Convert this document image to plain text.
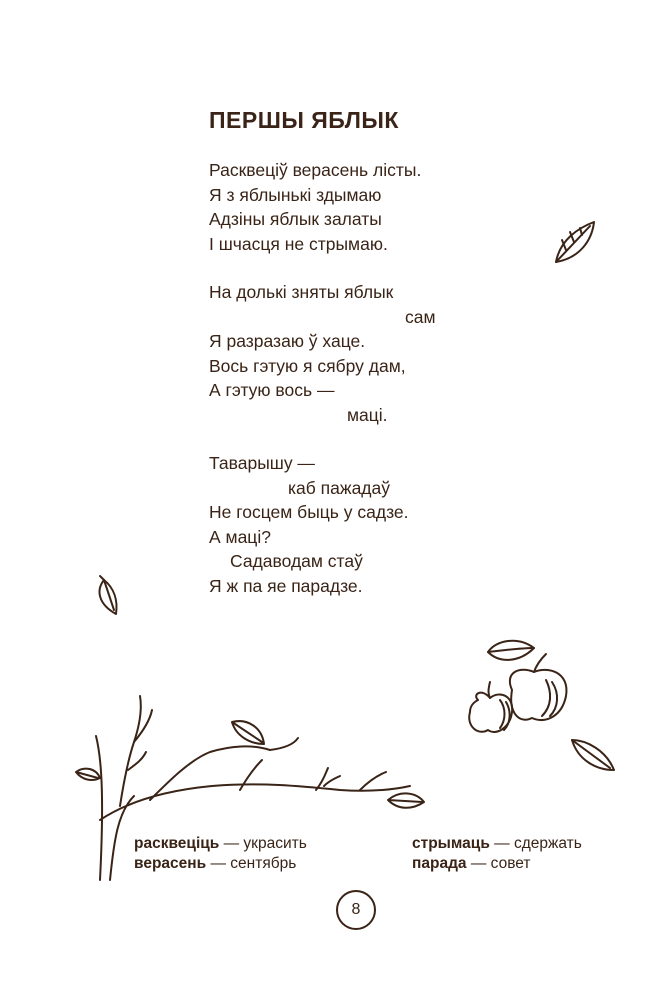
ПЕРШЫ ЯБЛЫК
Расквецiў верасень лiсты.
Я з яблынькi здымаю
Адзiны яблык залаты
I шчасця не стрымаю.
На долькi зняты яблык
сам
Я разразаю ў хаце.
Вось гэтую я сябру дам,
А гэтую вось —
мацi.
Таварышу —
каб пажадаў
Не госцем быць у садзе.
А мацi?
Садаводам стаў
Я ж па яе парадзе.
расквецiць — украсить
верасень — сентябрь
стрымаць — сдержать
парада — совет
8
